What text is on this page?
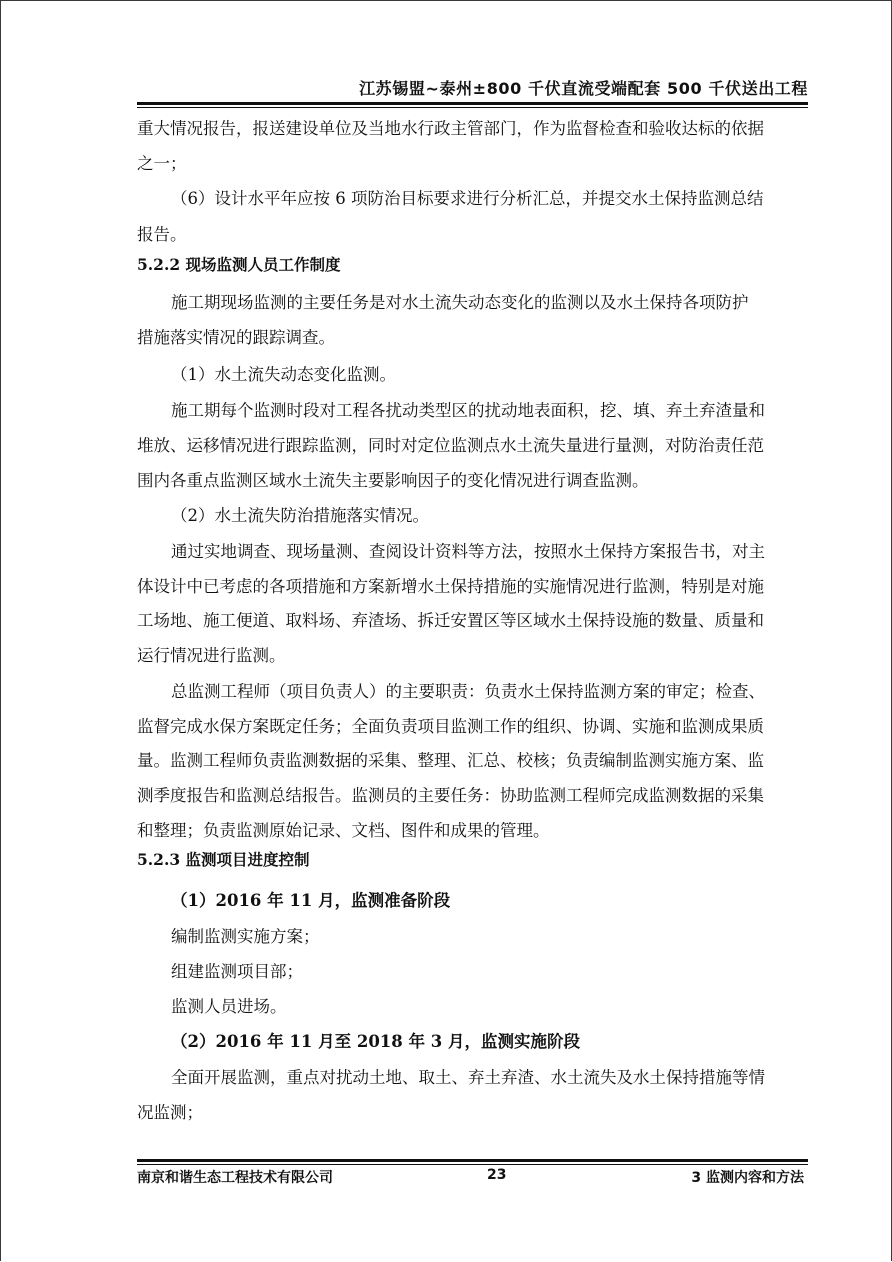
江苏锡盟~泰州±800 千伏直流受端配套 500 千伏送出工程
重大情况报告，报送建设单位及当地水行政主管部门，作为监督检查和验收达标的依据
之一；
（6）设计水平年应按 6 项防治目标要求进行分析汇总，并提交水土保持监测总结
报告。
5.2.2 现场监测人员工作制度
施工期现场监测的主要任务是对水土流失动态变化的监测以及水土保持各项防护
措施落实情况的跟踪调查。
（1）水土流失动态变化监测。
施工期每个监测时段对工程各扰动类型区的扰动地表面积，挖、填、弃土弃渣量和
堆放、运移情况进行跟踪监测，同时对定位监测点水土流失量进行量测，对防治责任范
围内各重点监测区域水土流失主要影响因子的变化情况进行调查监测。
（2）水土流失防治措施落实情况。
通过实地调查、现场量测、查阅设计资料等方法，按照水土保持方案报告书，对主
体设计中已考虑的各项措施和方案新增水土保持措施的实施情况进行监测，特别是对施
工场地、施工便道、取料场、弃渣场、拆迁安置区等区域水土保持设施的数量、质量和
运行情况进行监测。
总监测工程师（项目负责人）的主要职责：负责水土保持监测方案的审定；检查、
监督完成水保方案既定任务；全面负责项目监测工作的组织、协调、实施和监测成果质
量。监测工程师负责监测数据的采集、整理、汇总、校核；负责编制监测实施方案、监
测季度报告和监测总结报告。监测员的主要任务：协助监测工程师完成监测数据的采集
和整理；负责监测原始记录、文档、图件和成果的管理。
5.2.3 监测项目进度控制
（1）2016 年 11 月，监测准备阶段
编制监测实施方案；
组建监测项目部；
监测人员进场。
（2）2016 年 11 月至 2018 年 3 月，监测实施阶段
全面开展监测，重点对扰动土地、取土、弃土弃渣、水土流失及水土保持措施等情
况监测；
南京和谐生态工程技术有限公司	23	3 监测内容和方法
